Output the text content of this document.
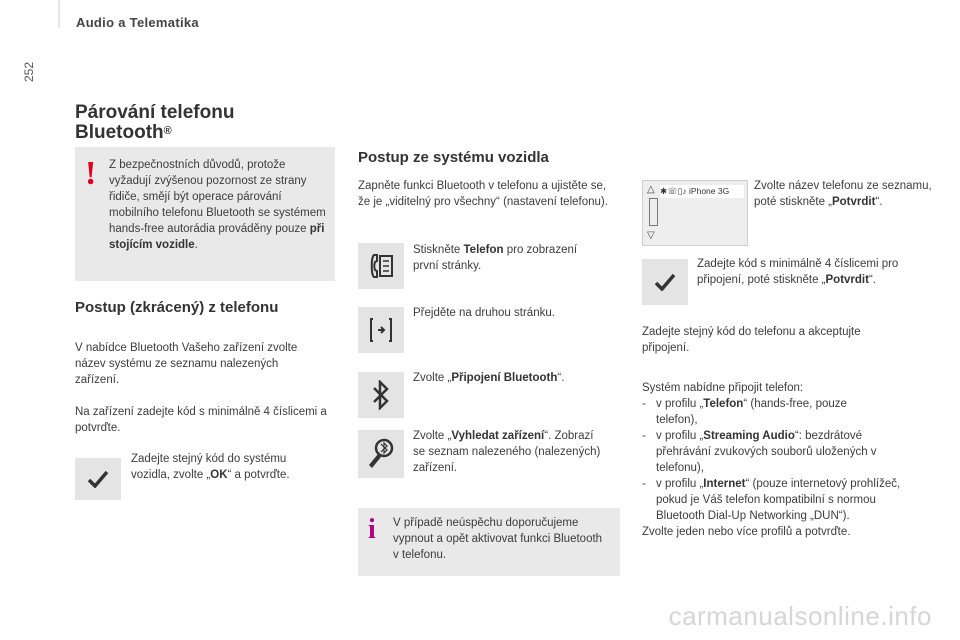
Audio a Telematika
252
Párování telefonu
Bluetooth®
! Z bezpečnostních důvodů, protože vyžadují zvýšenou pozornost ze strany řidiče, smějí být operace párování mobilního telefonu Bluetooth se systémem hands-free autorádia prováděny pouze při stojícím vozidle.
Postup (zkrácený) z telefonu
V nabídce Bluetooth Vašeho zařízení zvolte název systému ze seznamu nalezených zařízení.
Na zařízení zadejte kód s minimálně 4 číslicemi a potvrďte.
Zadejte stejný kód do systému vozidla, zvolte „OK“ a potvrďte.
Postup ze systému vozidla
Zapněte funkci Bluetooth v telefonu a ujistěte se, že je „viditelný pro všechny“ (nastavení telefonu).
Stiskněte Telefon pro zobrazení první stránky.
Přejděte na druhou stránku.
Zvolte „Připojení Bluetooth“.
Zvolte „Vyhledat zařízení“. Zobrazí se seznam nalezeného (nalezených) zařízení.
i V případě neúspěchu doporučujeme vypnout a opět aktivovat funkci Bluetooth v telefonu.
△
▽
✱☏▯♪ iPhone 3G	Zvolte název telefonu ze seznamu, poté stiskněte „Potvrdit“.
Zadejte kód s minimálně 4 číslicemi pro připojení, poté stiskněte „Potvrdit“.
Zadejte stejný kód do telefonu a akceptujte připojení.
Systém nabídne připojit telefon:
- v profilu „Telefon“ (hands-free, pouze telefon),
- v profilu „Streaming Audio“: bezdrátové přehrávání zvukových souborů uložených v telefonu),
- v profilu „Internet“ (pouze internetový prohlížeč, pokud je Váš telefon kompatibilní s normou Bluetooth Dial-Up Networking „DUN“).
Zvolte jeden nebo více profilů a potvrďte.
carmanualsonline.info
